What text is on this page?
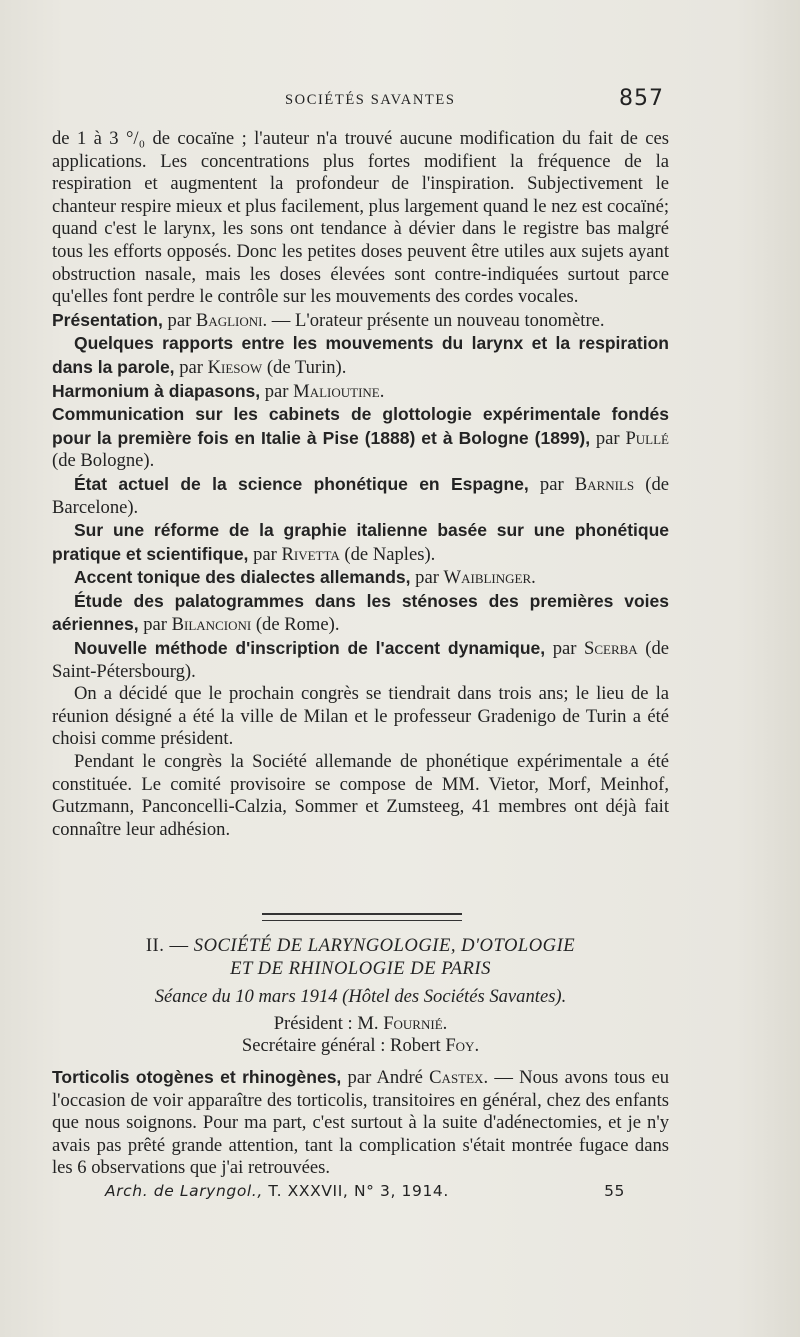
SOCIÉTÉS SAVANTES	857

de 1 à 3 °/₀ de cocaïne ; l'auteur n'a trouvé aucune modification du fait de ces applications. Les concentrations plus fortes modifient la fréquence de la respiration et augmentent la profondeur de l'inspiration. Subjectivement le chanteur respire mieux et plus facilement, plus largement quand le nez est cocaïné; quand c'est le larynx, les sons ont tendance à dévier dans le registre bas malgré tous les efforts opposés. Donc les petites doses peuvent être utiles aux sujets ayant obstruction nasale, mais les doses élevées sont contre-indiquées surtout parce qu'elles font perdre le contrôle sur les mouvements des cordes vocales.

Présentation, par Baglioni. — L'orateur présente un nouveau tonomètre.

Quelques rapports entre les mouvements du larynx et la respiration dans la parole, par Kiesow (de Turin).

Harmonium à diapasons, par Malioutine.

Communication sur les cabinets de glottologie expérimentale fondés pour la première fois en Italie à Pise (1888) et à Bologne (1899), par Pullé (de Bologne).

État actuel de la science phonétique en Espagne, par Barnils (de Barcelone).

Sur une réforme de la graphie italienne basée sur une phonétique pratique et scientifique, par Rivetta (de Naples).

Accent tonique des dialectes allemands, par Waiblinger.

Étude des palatogrammes dans les sténoses des premières voies aériennes, par Bilancioni (de Rome).

Nouvelle méthode d'inscription de l'accent dynamique, par Scerba (de Saint-Pétersbourg).

On a décidé que le prochain congrès se tiendrait dans trois ans; le lieu de la réunion désigné a été la ville de Milan et le professeur Gradenigo de Turin a été choisi comme président.

Pendant le congrès la Société allemande de phonétique expérimentale a été constituée. Le comité provisoire se compose de MM. Vietor, Morf, Meinhof, Gutzmann, Panconcelli-Calzia, Sommer et Zumsteeg, 41 membres ont déjà fait connaître leur adhésion.

II. — SOCIÉTÉ DE LARYNGOLOGIE, D'OTOLOGIE
ET DE RHINOLOGIE DE PARIS
Séance du 10 mars 1914 (Hôtel des Sociétés Savantes).
Président : M. Fournié.
Secrétaire général : Robert Foy.

Torticolis otogènes et rhinogènes, par André Castex. — Nous avons tous eu l'occasion de voir apparaître des torticolis, transitoires en général, chez des enfants que nous soignons. Pour ma part, c'est surtout à la suite d'adénectomies, et je n'y avais pas prêté grande attention, tant la complication s'était montrée fugace dans les 6 observations que j'ai retrouvées.

Arch. de Laryngol., T. XXXVII, N° 3, 1914.	55
